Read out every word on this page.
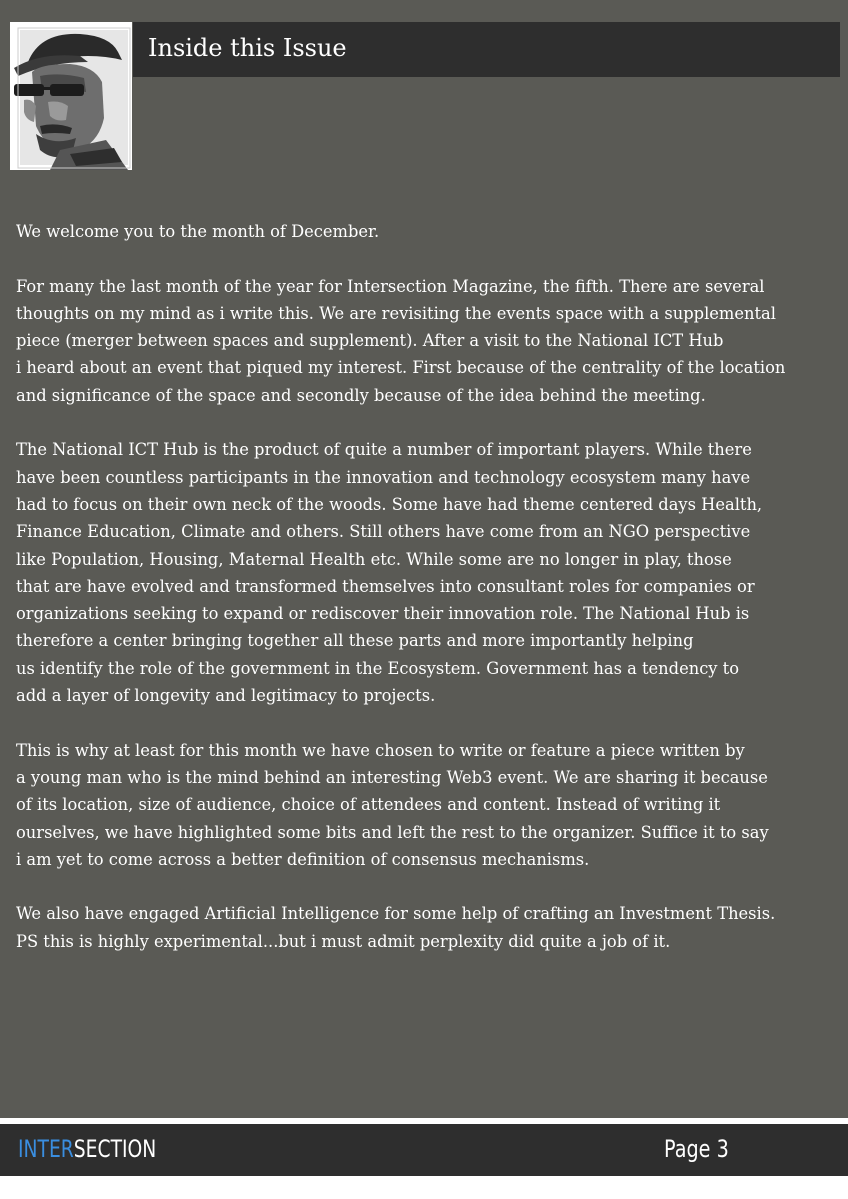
Inside this Issue

We welcome you to the month of December.

For many the last month of the year for Intersection Magazine, the fifth. There are several
thoughts on my mind as i write this. We are revisiting the events space with a supplemental
piece (merger between spaces and supplement). After a visit to the National ICT Hub
i heard about an event that piqued my interest. First because of the centrality of the location
and significance of the space and secondly because of the idea behind the meeting.

The National ICT Hub is the product of quite a number of important players. While there
have been countless participants in the innovation and technology ecosystem many have
had to focus on their own neck of the woods. Some have had theme centered days Health,
Finance Education, Climate and others. Still others have come from an NGO perspective
like Population, Housing, Maternal Health etc. While some are no longer in play, those
that are have evolved and transformed themselves into consultant roles for companies or
organizations seeking to expand or rediscover their innovation role. The National Hub is
therefore a center bringing together all these parts and more importantly helping
us identify the role of the government in the Ecosystem. Government has a tendency to
add a layer of longevity and legitimacy to projects.

This is why at least for this month we have chosen to write or feature a piece written by
a young man who is the mind behind an interesting Web3 event. We are sharing it because
of its location, size of audience, choice of attendees and content. Instead of writing it
ourselves, we have highlighted some bits and left the rest to the organizer. Suffice it to say
i am yet to come across a better definition of consensus mechanisms.

We also have engaged Artificial Intelligence for some help of crafting an Investment Thesis.
PS this is highly experimental...but i must admit perplexity did quite a job of it.

INTERSECTION	Page 3
